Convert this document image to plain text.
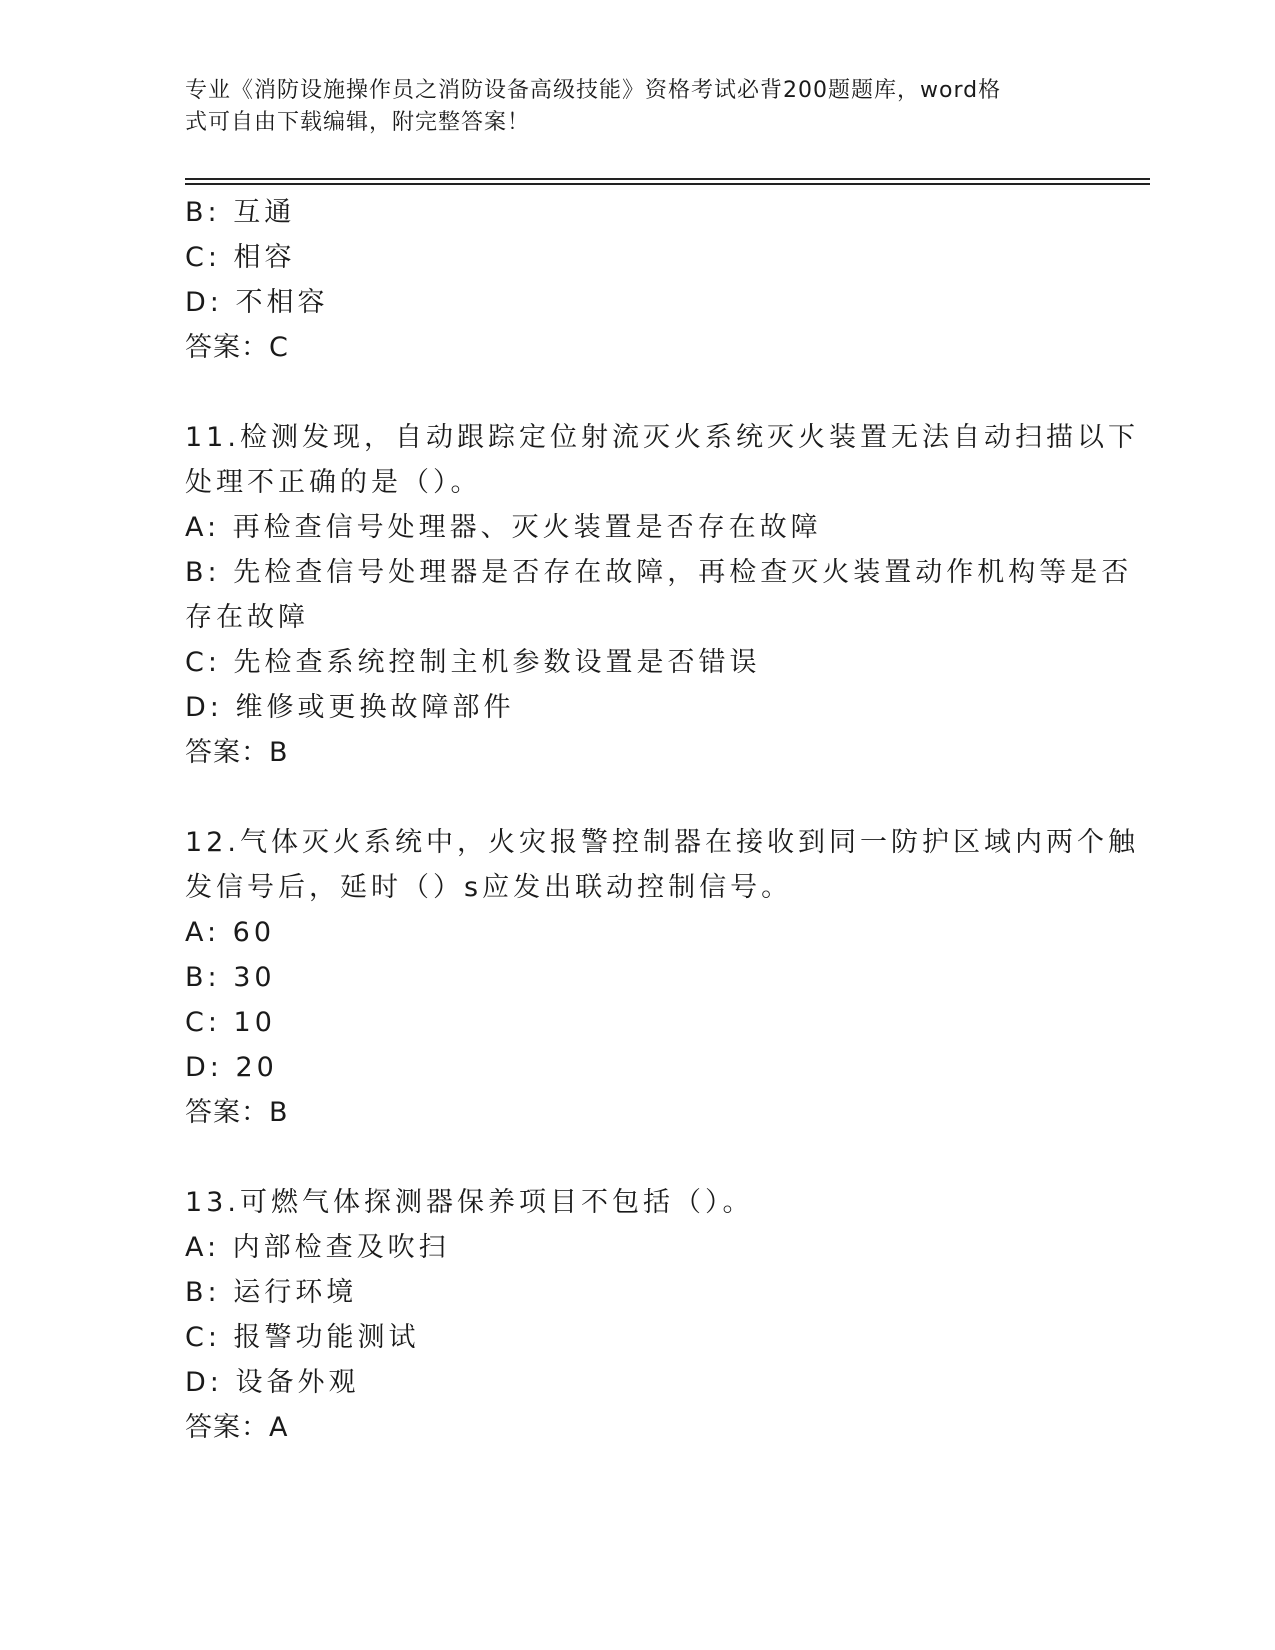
专业《消防设施操作员之消防设备高级技能》资格考试必背200题题库，word格
式可自由下载编辑，附完整答案！
B: 互通
C: 相容
D: 不相容
答案：C
11.检测发现，自动跟踪定位射流灭火系统灭火装置无法自动扫描以下
处理不正确的是（）。
A: 再检查信号处理器、灭火装置是否存在故障
B: 先检查信号处理器是否存在故障，再检查灭火装置动作机构等是否
存在故障
C: 先检查系统控制主机参数设置是否错误
D: 维修或更换故障部件
答案：B
12.气体灭火系统中，火灾报警控制器在接收到同一防护区域内两个触
发信号后，延时（）s应发出联动控制信号。
A: 60
B: 30
C: 10
D: 20
答案：B
13.可燃气体探测器保养项目不包括（）。
A: 内部检查及吹扫
B: 运行环境
C: 报警功能测试
D: 设备外观
答案：A
